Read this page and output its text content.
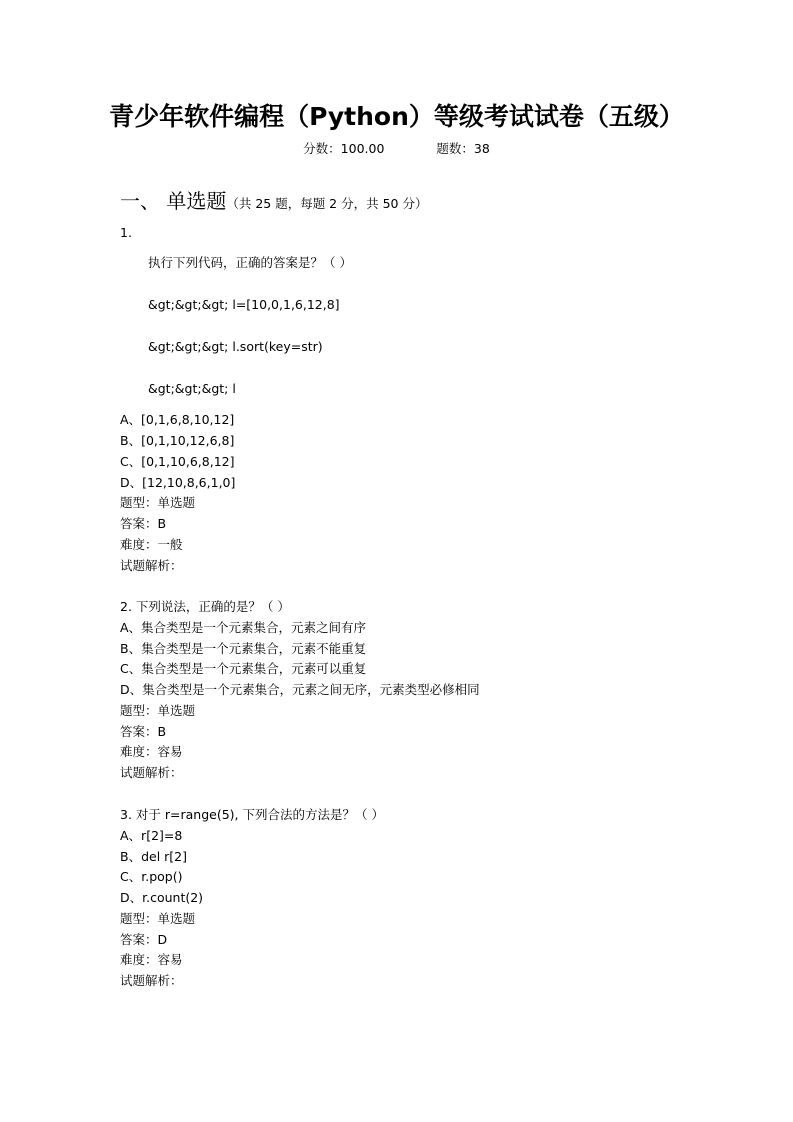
青少年软件编程（Python）等级考试试卷（五级）
分数：100.00	题数：38
一、 单选题（共 25 题，每题 2 分，共 50 分）
1.
执行下列代码，正确的答案是？（ ）
&gt;&gt;&gt; l=[10,0,1,6,12,8]
&gt;&gt;&gt; l.sort(key=str)
&gt;&gt;&gt; l
A、[0,1,6,8,10,12]
B、[0,1,10,12,6,8]
C、[0,1,10,6,8,12]
D、[12,10,8,6,1,0]
题型：单选题
答案：B
难度：一般
试题解析：
2. 下列说法，正确的是？（ ）
A、集合类型是一个元素集合，元素之间有序
B、集合类型是一个元素集合，元素不能重复
C、集合类型是一个元素集合，元素可以重复
D、集合类型是一个元素集合，元素之间无序，元素类型必修相同
题型：单选题
答案：B
难度：容易
试题解析：
3. 对于 r=range(5), 下列合法的方法是？（ ）
A、r[2]=8
B、del r[2]
C、r.pop()
D、r.count(2)
题型：单选题
答案：D
难度：容易
试题解析：
